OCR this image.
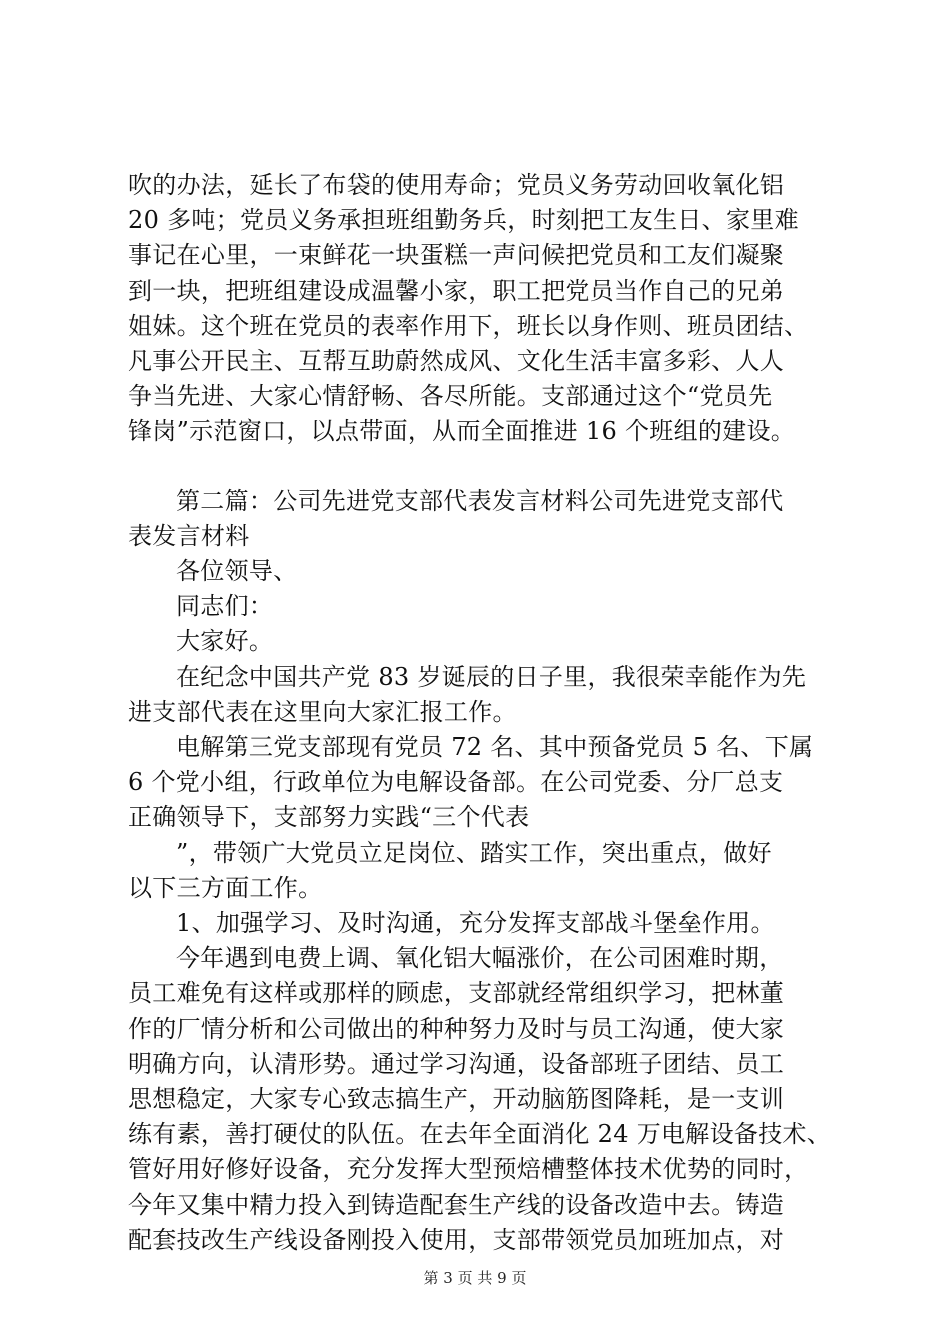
吹的办法，延长了布袋的使用寿命；党员义务劳动回收氧化铝
20 多吨；党员义务承担班组勤务兵，时刻把工友生日、家里难
事记在心里，一束鲜花一块蛋糕一声问候把党员和工友们凝聚
到一块，把班组建设成温馨小家，职工把党员当作自己的兄弟
姐妹。这个班在党员的表率作用下，班长以身作则、班员团结、
凡事公开民主、互帮互助蔚然成风、文化生活丰富多彩、人人
争当先进、大家心情舒畅、各尽所能。支部通过这个“党员先
锋岗”示范窗口，以点带面，从而全面推进 16 个班组的建设。
第二篇：公司先进党支部代表发言材料公司先进党支部代
表发言材料
各位领导、
同志们：
大家好。
在纪念中国共产党 83 岁诞辰的日子里，我很荣幸能作为先
进支部代表在这里向大家汇报工作。
电解第三党支部现有党员 72 名、其中预备党员 5 名、下属
6 个党小组，行政单位为电解设备部。在公司党委、分厂总支
正确领导下，支部努力实践“三个代表
”，带领广大党员立足岗位、踏实工作，突出重点，做好
以下三方面工作。
1、加强学习、及时沟通，充分发挥支部战斗堡垒作用。
今年遇到电费上调、氧化铝大幅涨价，在公司困难时期，
员工难免有这样或那样的顾虑，支部就经常组织学习，把林董
作的厂情分析和公司做出的种种努力及时与员工沟通，使大家
明确方向，认清形势。通过学习沟通，设备部班子团结、员工
思想稳定，大家专心致志搞生产，开动脑筋图降耗，是一支训
练有素，善打硬仗的队伍。在去年全面消化 24 万电解设备技术、
管好用好修好设备，充分发挥大型预焙槽整体技术优势的同时，
今年又集中精力投入到铸造配套生产线的设备改造中去。铸造
配套技改生产线设备刚投入使用，支部带领党员加班加点，对
第 3 页 共 9 页
